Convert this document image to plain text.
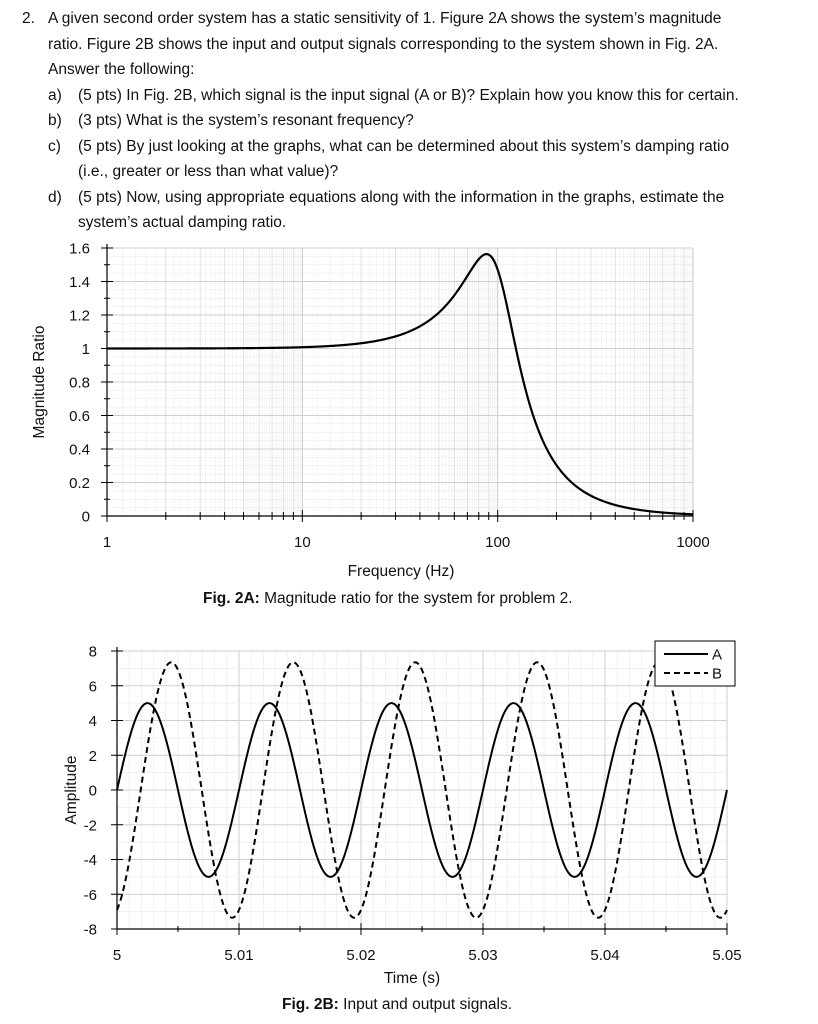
2. A given second order system has a static sensitivity of 1. Figure 2A shows the system’s magnitude
ratio. Figure 2B shows the input and output signals corresponding to the system shown in Fig. 2A.
Answer the following:
a)	(5 pts) In Fig. 2B, which signal is the input signal (A or B)? Explain how you know this for certain.
b)	(3 pts) What is the system’s resonant frequency?
c)	(5 pts) By just looking at the graphs, what can be determined about this system’s damping ratio
(i.e., greater or less than what value)?
d)	(5 pts) Now, using appropriate equations along with the information in the graphs, estimate the
system’s actual damping ratio.
0
0.2
0.4
0.6
0.8
1
1.2
1.4
1.6
1	10	100	1000
Frequency (Hz)
Magnitude Ratio
Fig. 2A: Magnitude ratio for the system for problem 2.
-8
-6
-4
-2
0
2
4
6
8
5	5.01	5.02	5.03	5.04	5.05
Time (s)
Amplitude
A
B
Fig. 2B: Input and output signals.
